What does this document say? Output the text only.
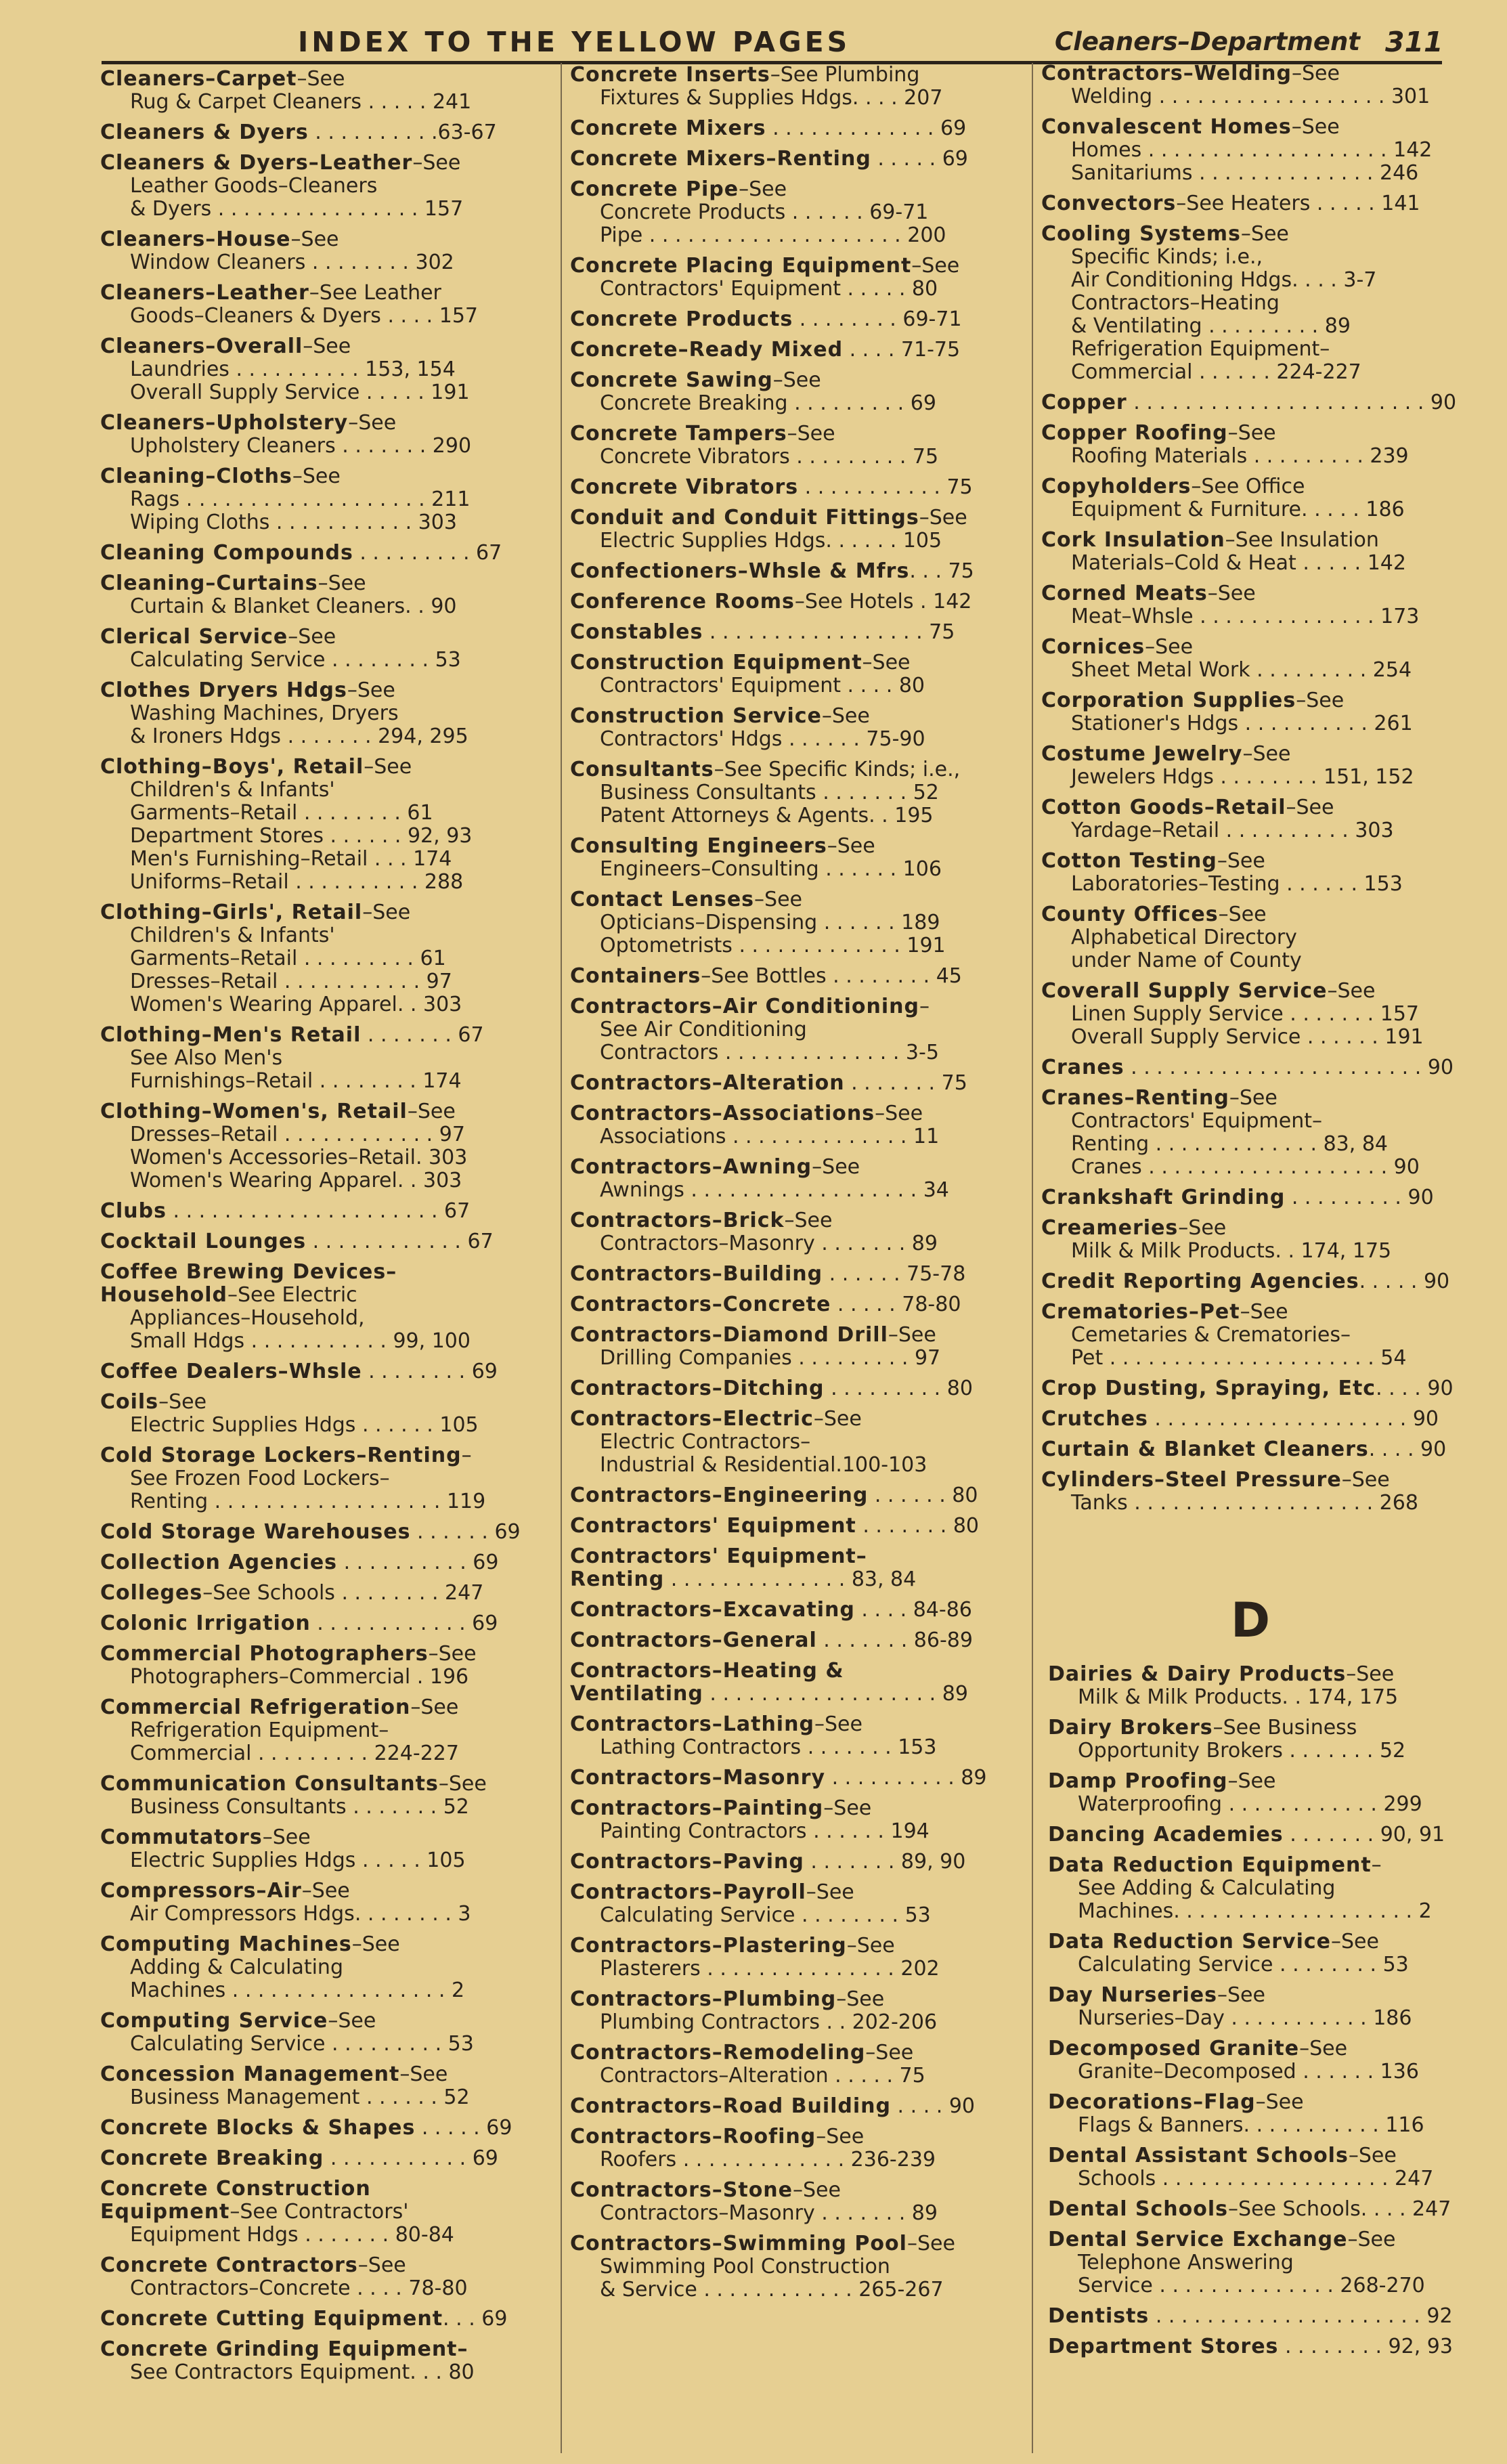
INDEX TO THE YELLOW PAGES	Cleaners–Department 311
Cleaners–Carpet–See
Rug & Carpet Cleaners . . . . . 241
Cleaners & Dyers . . . . . . . . . .63-67
Cleaners & Dyers–Leather–See
Leather Goods–Cleaners
& Dyers . . . . . . . . . . . . . . . . 157
Cleaners–House–See
Window Cleaners . . . . . . . . 302
Cleaners–Leather–See Leather
Goods–Cleaners & Dyers . . . . 157
Cleaners–Overall–See
Laundries . . . . . . . . . . 153, 154
Overall Supply Service . . . . . 191
Cleaners–Upholstery–See
Upholstery Cleaners . . . . . . . 290
Cleaning–Cloths–See
Rags . . . . . . . . . . . . . . . . . . . 211
Wiping Cloths . . . . . . . . . . . 303
Cleaning Compounds . . . . . . . . . 67
Cleaning–Curtains–See
Curtain & Blanket Cleaners. . 90
Clerical Service–See
Calculating Service . . . . . . . . 53
Clothes Dryers Hdgs–See
Washing Machines, Dryers
& Ironers Hdgs . . . . . . . 294, 295
Clothing–Boys', Retail–See
Children's & Infants'
Garments–Retail . . . . . . . . 61
Department Stores . . . . . . 92, 93
Men's Furnishing–Retail . . . 174
Uniforms–Retail . . . . . . . . . . 288
Clothing–Girls', Retail–See
Children's & Infants'
Garments–Retail . . . . . . . . . 61
Dresses–Retail . . . . . . . . . . . 97
Women's Wearing Apparel. . 303
Clothing–Men's Retail . . . . . . . 67
See Also Men's
Furnishings–Retail . . . . . . . . 174
Clothing–Women's, Retail–See
Dresses–Retail . . . . . . . . . . . . 97
Women's Accessories–Retail. 303
Women's Wearing Apparel. . 303
Clubs . . . . . . . . . . . . . . . . . . . . . 67
Cocktail Lounges . . . . . . . . . . . . 67
Coffee Brewing Devices–
Household–See Electric
Appliances–Household,
Small Hdgs . . . . . . . . . . . 99, 100
Coffee Dealers–Whsle . . . . . . . . 69
Coils–See
Electric Supplies Hdgs . . . . . . 105
Cold Storage Lockers–Renting–
See Frozen Food Lockers–
Renting . . . . . . . . . . . . . . . . . . 119
Cold Storage Warehouses . . . . . . 69
Collection Agencies . . . . . . . . . . 69
Colleges–See Schools . . . . . . . . 247
Colonic Irrigation . . . . . . . . . . . . 69
Commercial Photographers–See
Photographers–Commercial . 196
Commercial Refrigeration–See
Refrigeration Equipment–
Commercial . . . . . . . . . 224-227
Communication Consultants–See
Business Consultants . . . . . . . 52
Commutators–See
Electric Supplies Hdgs . . . . . 105
Compressors–Air–See
Air Compressors Hdgs. . . . . . . . 3
Computing Machines–See
Adding & Calculating
Machines . . . . . . . . . . . . . . . . . 2
Computing Service–See
Calculating Service . . . . . . . . . 53
Concession Management–See
Business Management . . . . . . 52
Concrete Blocks & Shapes . . . . . 69
Concrete Breaking . . . . . . . . . . . 69
Concrete Construction
Equipment–See Contractors'
Equipment Hdgs . . . . . . . 80-84
Concrete Contractors–See
Contractors–Concrete . . . . 78-80
Concrete Cutting Equipment. . . 69
Concrete Grinding Equipment–
See Contractors Equipment. . . 80
Concrete Inserts–See Plumbing
Fixtures & Supplies Hdgs. . . . 207
Concrete Mixers . . . . . . . . . . . . . 69
Concrete Mixers–Renting . . . . . 69
Concrete Pipe–See
Concrete Products . . . . . . 69-71
Pipe . . . . . . . . . . . . . . . . . . . . 200
Concrete Placing Equipment–See
Contractors' Equipment . . . . . 80
Concrete Products . . . . . . . . 69-71
Concrete–Ready Mixed . . . . 71-75
Concrete Sawing–See
Concrete Breaking . . . . . . . . . 69
Concrete Tampers–See
Concrete Vibrators . . . . . . . . . 75
Concrete Vibrators . . . . . . . . . . . 75
Conduit and Conduit Fittings–See
Electric Supplies Hdgs. . . . . . 105
Confectioners–Whsle & Mfrs. . . 75
Conference Rooms–See Hotels . 142
Constables . . . . . . . . . . . . . . . . . 75
Construction Equipment–See
Contractors' Equipment . . . . 80
Construction Service–See
Contractors' Hdgs . . . . . . 75-90
Consultants–See Specific Kinds; i.e.,
Business Consultants . . . . . . . 52
Patent Attorneys & Agents. . 195
Consulting Engineers–See
Engineers–Consulting . . . . . . 106
Contact Lenses–See
Opticians–Dispensing . . . . . . 189
Optometrists . . . . . . . . . . . . . 191
Containers–See Bottles . . . . . . . . 45
Contractors–Air Conditioning–
See Air Conditioning
Contractors . . . . . . . . . . . . . . 3-5
Contractors–Alteration . . . . . . . 75
Contractors–Associations–See
Associations . . . . . . . . . . . . . . 11
Contractors–Awning–See
Awnings . . . . . . . . . . . . . . . . . . 34
Contractors–Brick–See
Contractors–Masonry . . . . . . . 89
Contractors–Building . . . . . . 75-78
Contractors–Concrete . . . . . 78-80
Contractors–Diamond Drill–See
Drilling Companies . . . . . . . . . 97
Contractors–Ditching . . . . . . . . . 80
Contractors–Electric–See
Electric Contractors–
Industrial & Residential.100-103
Contractors–Engineering . . . . . . 80
Contractors' Equipment . . . . . . . 80
Contractors' Equipment–
Renting . . . . . . . . . . . . . . 83, 84
Contractors–Excavating . . . . 84-86
Contractors–General . . . . . . . 86-89
Contractors–Heating &
Ventilating . . . . . . . . . . . . . . . . . . 89
Contractors–Lathing–See
Lathing Contractors . . . . . . . 153
Contractors–Masonry . . . . . . . . . . 89
Contractors–Painting–See
Painting Contractors . . . . . . 194
Contractors–Paving . . . . . . . 89, 90
Contractors–Payroll–See
Calculating Service . . . . . . . . 53
Contractors–Plastering–See
Plasterers . . . . . . . . . . . . . . . 202
Contractors–Plumbing–See
Plumbing Contractors . . 202-206
Contractors–Remodeling–See
Contractors–Alteration . . . . . 75
Contractors–Road Building . . . . 90
Contractors–Roofing–See
Roofers . . . . . . . . . . . . . 236-239
Contractors–Stone–See
Contractors–Masonry . . . . . . . 89
Contractors–Swimming Pool–See
Swimming Pool Construction
& Service . . . . . . . . . . . . 265-267
Contractors–Welding–See
Welding . . . . . . . . . . . . . . . . . . 301
Convalescent Homes–See
Homes . . . . . . . . . . . . . . . . . . . 142
Sanitariums . . . . . . . . . . . . . . 246
Convectors–See Heaters . . . . . 141
Cooling Systems–See
Specific Kinds; i.e.,
Air Conditioning Hdgs. . . . 3-7
Contractors–Heating
& Ventilating . . . . . . . . . 89
Refrigeration Equipment–
Commercial . . . . . . 224-227
Copper . . . . . . . . . . . . . . . . . . . . . . . 90
Copper Roofing–See
Roofing Materials . . . . . . . . . 239
Copyholders–See Office
Equipment & Furniture. . . . . 186
Cork Insulation–See Insulation
Materials–Cold & Heat . . . . . 142
Corned Meats–See
Meat–Whsle . . . . . . . . . . . . . . 173
Cornices–See
Sheet Metal Work . . . . . . . . . 254
Corporation Supplies–See
Stationer's Hdgs . . . . . . . . . . 261
Costume Jewelry–See
Jewelers Hdgs . . . . . . . . 151, 152
Cotton Goods–Retail–See
Yardage–Retail . . . . . . . . . . 303
Cotton Testing–See
Laboratories–Testing . . . . . . 153
County Offices–See
Alphabetical Directory
under Name of County
Coverall Supply Service–See
Linen Supply Service . . . . . . . 157
Overall Supply Service . . . . . . 191
Cranes . . . . . . . . . . . . . . . . . . . . . . . 90
Cranes–Renting–See
Contractors' Equipment–
Renting . . . . . . . . . . . . . 83, 84
Cranes . . . . . . . . . . . . . . . . . . . 90
Crankshaft Grinding . . . . . . . . . 90
Creameries–See
Milk & Milk Products. . 174, 175
Credit Reporting Agencies. . . . . 90
Crematories–Pet–See
Cemetaries & Crematories–
Pet . . . . . . . . . . . . . . . . . . . . . 54
Crop Dusting, Spraying, Etc. . . . 90
Crutches . . . . . . . . . . . . . . . . . . . . 90
Curtain & Blanket Cleaners. . . . 90
Cylinders–Steel Pressure–See
Tanks . . . . . . . . . . . . . . . . . . . 268
D
Dairies & Dairy Products–See
Milk & Milk Products. . 174, 175
Dairy Brokers–See Business
Opportunity Brokers . . . . . . . 52
Damp Proofing–See
Waterproofing . . . . . . . . . . . . 299
Dancing Academies . . . . . . . 90, 91
Data Reduction Equipment–
See Adding & Calculating
Machines. . . . . . . . . . . . . . . . . . . 2
Data Reduction Service–See
Calculating Service . . . . . . . . 53
Day Nurseries–See
Nurseries–Day . . . . . . . . . . . 186
Decomposed Granite–See
Granite–Decomposed . . . . . . 136
Decorations–Flag–See
Flags & Banners. . . . . . . . . . . 116
Dental Assistant Schools–See
Schools . . . . . . . . . . . . . . . . . . 247
Dental Schools–See Schools. . . . 247
Dental Service Exchange–See
Telephone Answering
Service . . . . . . . . . . . . . . 268-270
Dentists . . . . . . . . . . . . . . . . . . . . . 92
Department Stores . . . . . . . . 92, 93
